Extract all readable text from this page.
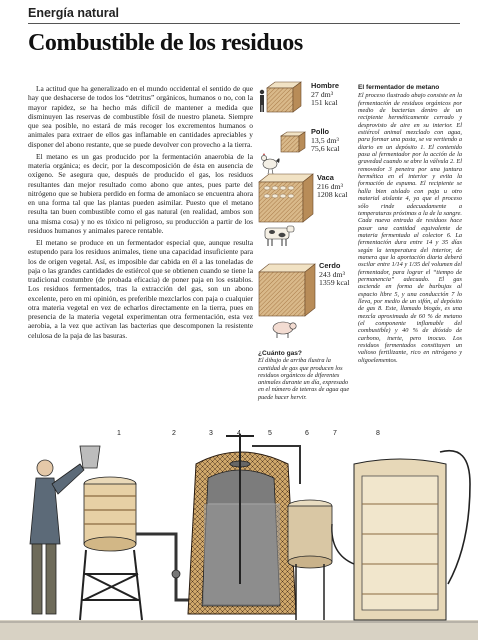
Energía natural
Combustible de los residuos

La actitud que ha generalizado en el mundo occidental el sentido de que hay que deshacerse de todos los “detritus” orgánicos, humanos o no, con la mayor rapidez, se ha hecho más difícil de mantener a medida que disminuyen las reservas de combustible fósil de nuestro planeta. Siempre que sea posible, no estará de más recoger los excrementos humanos o animales para extraer de ellos gas inflamable en cantidades apreciables y disponer del abono restante, que se puede devolver con provecho a la tierra.

El metano es un gas producido por la fermentación anaerobia de la materia orgánica; es decir, por la descomposición de ésta en ausencia de oxígeno. Se asegura que, después de producido el gas, los residuos resultantes dan mejor resultado como abono que antes, pues parte del nitrógeno que se hubiera perdido en forma de amoníaco se encuentra ahora en una forma tal que las plantas pueden asimilar. Puesto que el metano resulta tan buen combustible como el gas natural (en realidad, ambos son una misma cosa) y no es tóxico ni peligroso, su producción a partir de los residuos humanos y animales parece rentable.

El metano se produce en un fermentador especial que, aunque resulta estupendo para los residuos animales, tiene una capacidad insuficiente para los de origen vegetal. Así, es imposible dar cabida en él a las toneladas de paja o las grandes cantidades de estiércol que se obtienen cuando se tiene la tradicional costumbre (de probada eficacia) de poner paja en los establos. Los residuos fermentados, tras la extracción del gas, son un abono excelente, pero en mi opinión, es preferible mezclarlos con paja o cualquier otra materia vegetal en vez de echarlos directamente en la tierra, pues en presencia de la materia vegetal experimentan otra fermentación, esta vez aerobia, a la vez que activan las bacterias que descomponen la resistente celulosa de la paja de las basuras.

Hombre
27 dm³
151 kcal
Pollo
13,5 dm³
75,6 kcal
Vaca
216 dm³
1208 kcal
Cerdo
243 dm³
1359 kcal
¿Cuánto gas?
El dibujo de arriba ilustra la cantidad de gas que producen los residuos orgánicos de diferentes animales durante un día, expresado en el número de teteras de agua que puede hacer hervir.
El fermentador de metano
El proceso ilustrado abajo consiste en la fermentación de residuos orgánicos por medio de bacterias dentro de un recipiente herméticamente cerrado y desprovisto de aire en su interior. El estiércol animal mezclado con agua, para formar una pasta, se va vertiendo a diario en un depósito 1. El contenido pasa al fermentador por la acción de la gravedad cuando se abre la válvula 2. El removedor 3 penetra por una juntura hermética en el interior y evita la formación de espuma. El recipiente se halla bien aislado con paja u otro material aislante 4, ya que el proceso sólo rinde adecuadamente a temperaturas próximas a la de la sangre. Cada nueva entrada de residuos hace pasar una cantidad equivalente de materia fermentada al colector 6. La fermentación dura entre 14 y 35 días según la temperatura del interior, de manera que la aportación diaria deberá oscilar entre 1/14 y 1/35 del volumen del fermentador, para lograr el “tiempo de permanencia” adecuado. El gas asciende en forma de burbujas al espacio libre 5, y una conducción 7 lo lleva, por medio de un sifón, al depósito de gas 8. Este, llamado biogás, es una mezcla aproximada de 60 % de metano (el componente inflamable del combustible) y 40 % de dióxido de carbono, inerte, pero inocuo. Los residuos fermentados constituyen un valioso fertilizante, rico en nitrógeno y oligoelementos.
1	2	3	4	5	6	7	8
